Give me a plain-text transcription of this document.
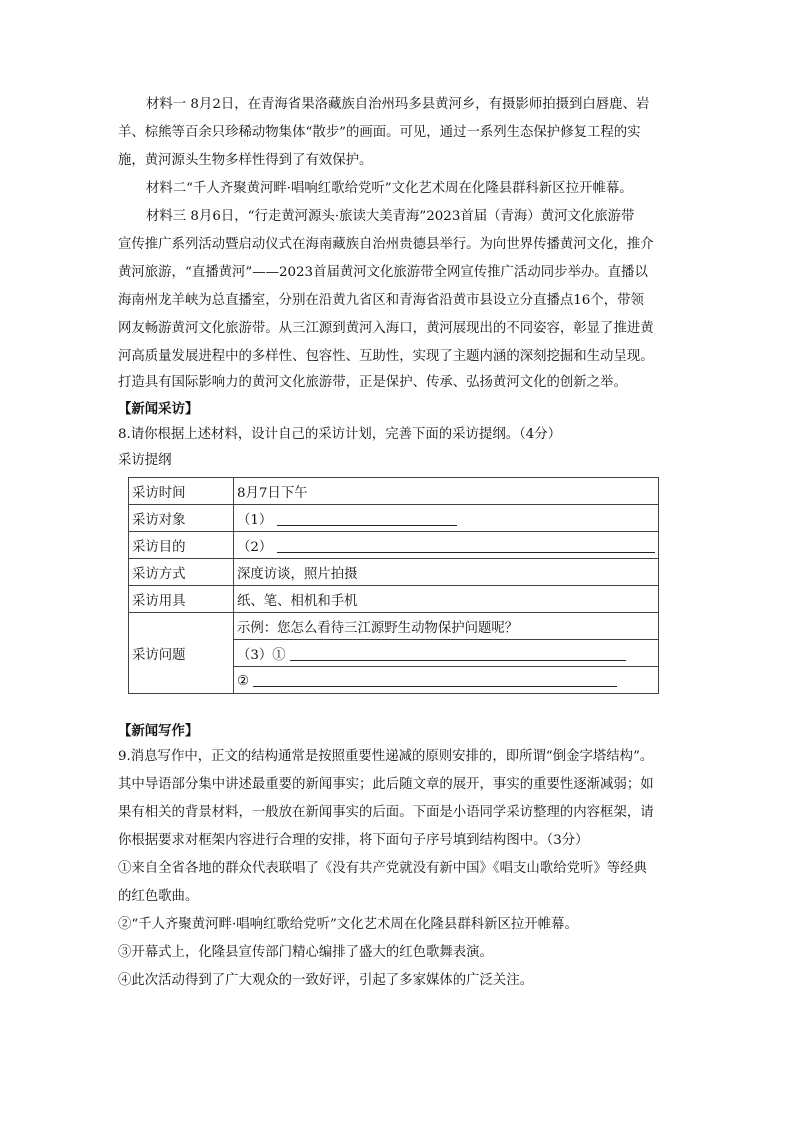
材料一 8月2日，在青海省果洛藏族自治州玛多县黄河乡，有摄影师拍摄到白唇鹿、岩

羊、棕熊等百余只珍稀动物集体“散步”的画面。可见，通过一系列生态保护修复工程的实

施，黄河源头生物多样性得到了有效保护。

材料二“千人齐聚黄河畔·唱响红歌给党听”文化艺术周在化隆县群科新区拉开帷幕。

材料三 8月6日，“行走黄河源头·旅读大美青海”2023首届（青海）黄河文化旅游带

宣传推广系列活动暨启动仪式在海南藏族自治州贵德县举行。为向世界传播黄河文化，推介

黄河旅游，“直播黄河”——2023首届黄河文化旅游带全网宣传推广活动同步举办。直播以

海南州龙羊峡为总直播室，分别在沿黄九省区和青海省沿黄市县设立分直播点16个，带领

网友畅游黄河文化旅游带。从三江源到黄河入海口，黄河展现出的不同姿容，彰显了推进黄

河高质量发展进程中的多样性、包容性、互助性，实现了主题内涵的深刻挖掘和生动呈现。

打造具有国际影响力的黄河文化旅游带，正是保护、传承、弘扬黄河文化的创新之举。

【新闻采访】

8.请你根据上述材料，设计自己的采访计划，完善下面的采访提纲。（4分）

采访提纲

采访时间	8月7日下午
采访对象	（1）
采访目的	（2）
采访方式	深度访谈，照片拍摄
采访用具	纸、笔、相机和手机
采访问题	示例：您怎么看待三江源野生动物保护问题呢？
	（3）①
	②

【新闻写作】

9.消息写作中，正文的结构通常是按照重要性递减的原则安排的，即所谓“倒金字塔结构”。

其中导语部分集中讲述最重要的新闻事实；此后随文章的展开，事实的重要性逐渐减弱；如

果有相关的背景材料，一般放在新闻事实的后面。下面是小语同学采访整理的内容框架，请

你根据要求对框架内容进行合理的安排，将下面句子序号填到结构图中。（3分）

①来自全省各地的群众代表联唱了《没有共产党就没有新中国》《唱支山歌给党听》等经典

的红色歌曲。

②“千人齐聚黄河畔·唱响红歌给党听”文化艺术周在化隆县群科新区拉开帷幕。

③开幕式上，化隆县宣传部门精心编排了盛大的红色歌舞表演。

④此次活动得到了广大观众的一致好评，引起了多家媒体的广泛关注。
